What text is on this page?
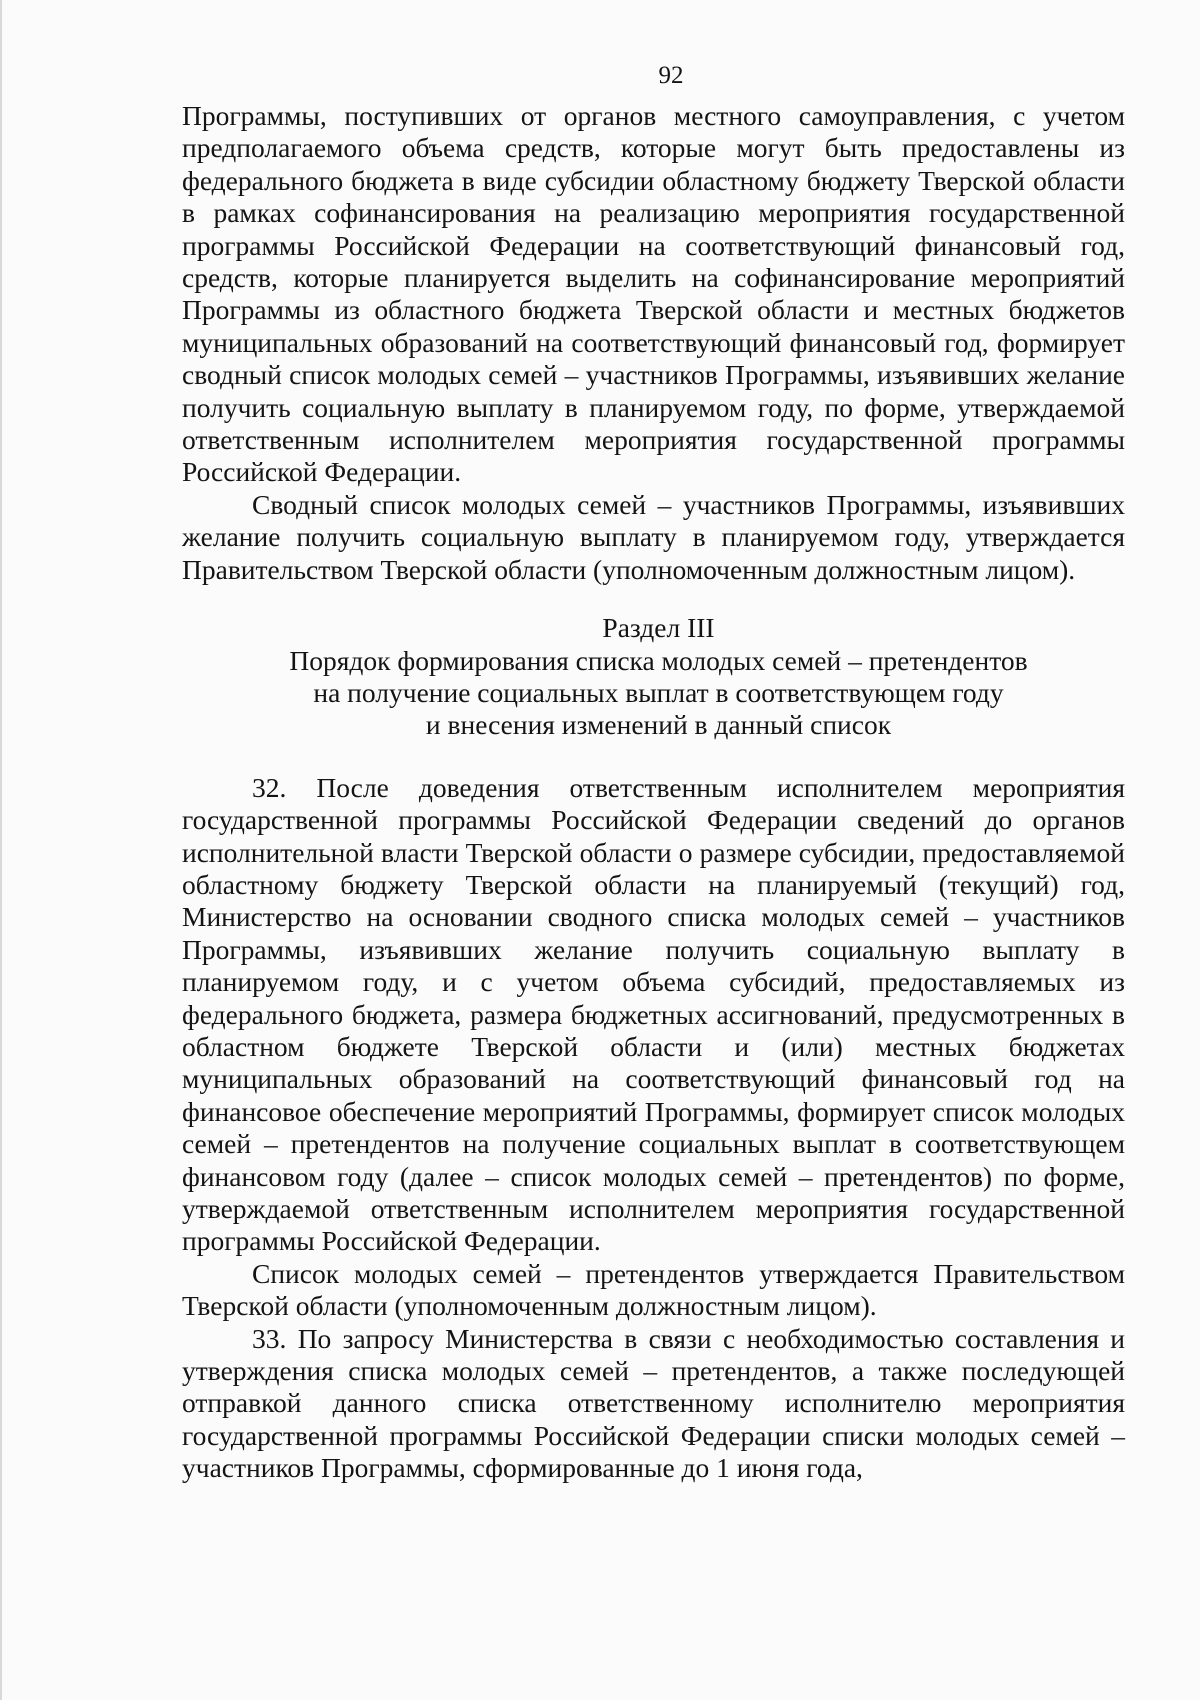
92

Программы, поступивших от органов местного самоуправления, с учетом предполагаемого объема средств, которые могут быть предоставлены из федерального бюджета в виде субсидии областному бюджету Тверской области в рамках софинансирования на реализацию мероприятия государственной программы Российской Федерации на соответствующий финансовый год, средств, которые планируется выделить на софинансирование мероприятий Программы из областного бюджета Тверской области и местных бюджетов муниципальных образований на соответствующий финансовый год, формирует сводный список молодых семей – участников Программы, изъявивших желание получить социальную выплату в планируемом году, по форме, утверждаемой ответственным исполнителем мероприятия государственной программы Российской Федерации.

Сводный список молодых семей – участников Программы, изъявивших желание получить социальную выплату в планируемом году, утверждается Правительством Тверской области (уполномоченным должностным лицом).

Раздел III

Порядок формирования списка молодых семей – претендентов

на получение социальных выплат в соответствующем году

и внесения изменений в данный список

32. После доведения ответственным исполнителем мероприятия государственной программы Российской Федерации сведений до органов исполнительной власти Тверской области о размере субсидии, предоставляемой областному бюджету Тверской области на планируемый (текущий) год, Министерство на основании сводного списка молодых семей – участников Программы, изъявивших желание получить социальную выплату в планируемом году, и с учетом объема субсидий, предоставляемых из федерального бюджета, размера бюджетных ассигнований, предусмотренных в областном бюджете Тверской области и (или) местных бюджетах муниципальных образований на соответствующий финансовый год на финансовое обеспечение мероприятий Программы, формирует список молодых семей – претендентов на получение социальных выплат в соответствующем финансовом году (далее – список молодых семей – претендентов) по форме, утверждаемой ответственным исполнителем мероприятия государственной программы Российской Федерации.

Список молодых семей – претендентов утверждается Правительством Тверской области (уполномоченным должностным лицом).

33. По запросу Министерства в связи с необходимостью составления и утверждения списка молодых семей – претендентов, а также последующей отправкой данного списка ответственному исполнителю мероприятия государственной программы Российской Федерации списки молодых семей – участников Программы, сформированные до 1 июня года,
